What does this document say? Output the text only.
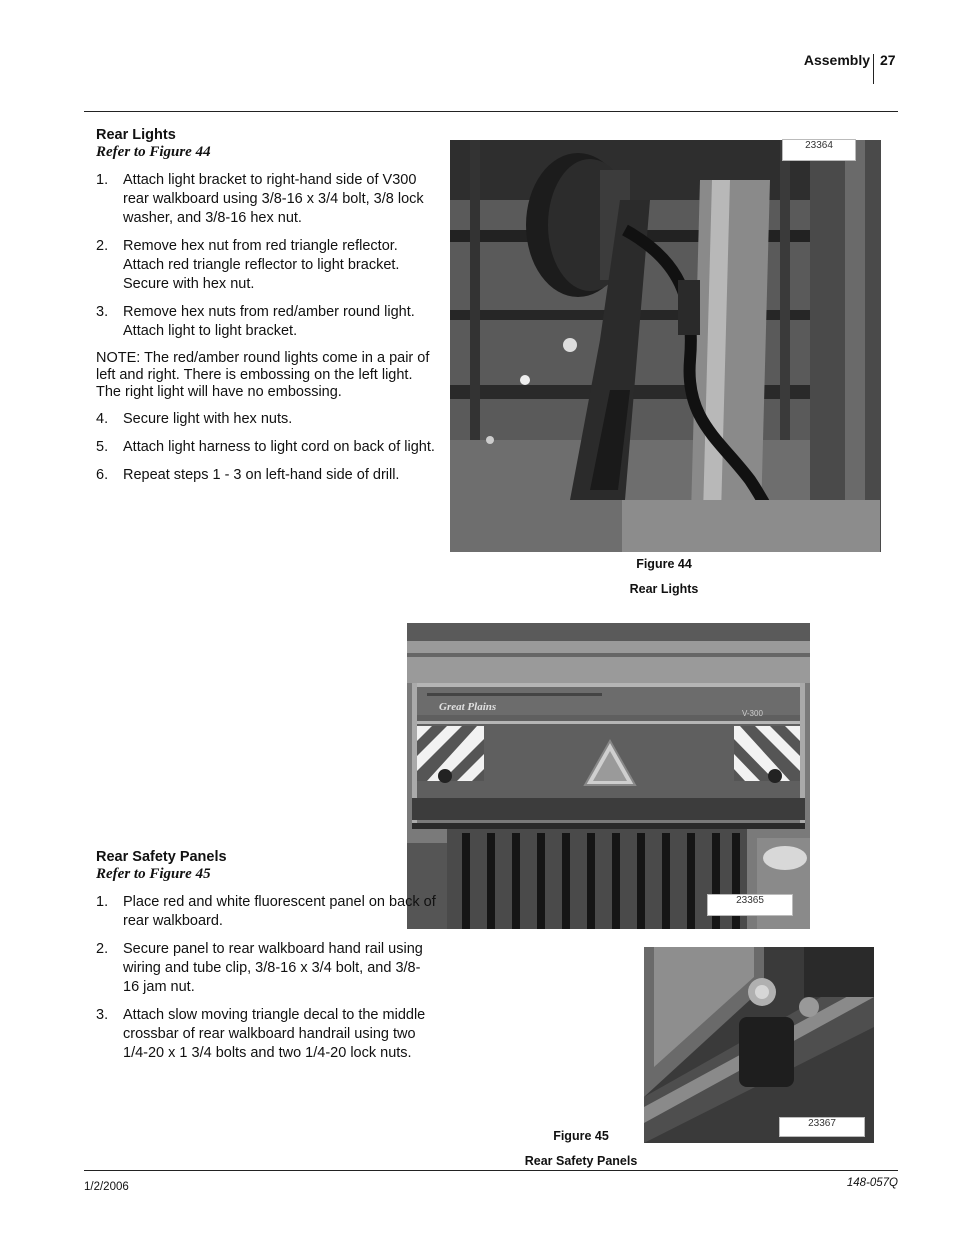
Assembly 27
Rear Lights
Refer to Figure 44
1. Attach light bracket to right-hand side of V300 rear walkboard using 3/8-16 x 3/4 bolt, 3/8 lock washer, and 3/8-16 hex nut.
2. Remove hex nut from red triangle reflector. Attach red triangle reflector to light bracket. Secure with hex nut.
3. Remove hex nuts from red/amber round light. Attach light to light bracket.
NOTE: The red/amber round lights come in a pair of left and right. There is embossing on the left light. The right light will have no embossing.
4. Secure light with hex nuts.
5. Attach light harness to light cord on back of light.
6. Repeat steps 1 - 3 on left-hand side of drill.
23364
Figure 44
Rear Lights
Great Plains
V-300
23365
Rear Safety Panels
Refer to Figure 45
1. Place red and white fluorescent panel on back of rear walkboard.
2. Secure panel to rear walkboard hand rail using wiring and tube clip, 3/8-16 x 3/4 bolt, and 3/8-16 jam nut.
3. Attach slow moving triangle decal to the middle crossbar of rear walkboard handrail using two 1/4-20 x 1 3/4 bolts and two 1/4-20 lock nuts.
23367
Figure 45
Rear Safety Panels
1/2/2006	148-057Q
